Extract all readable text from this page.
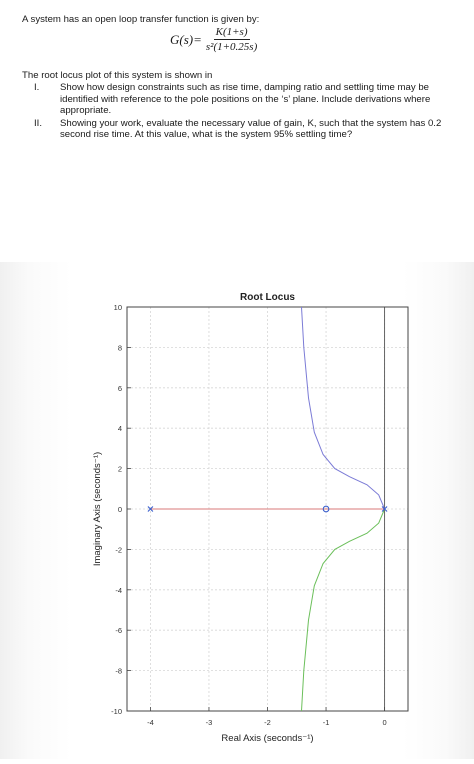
A system has an open loop transfer function is given by:

$G(s)= \frac{K(1+s)}{\text{s²(1+0.25s)}}$
The root locus plot of this system is shown in
I.	Show how design constraints such as rise time, damping ratio and settling time may be identified with reference to the pole positions on the ‘s’ plane. Include derivations where appropriate.
II.	Showing your work, evaluate the necessary value of gain, K, such that the system has 0.2 second rise time. At this value, what is the system 95% settling time?
-4	-3	-2	-1	0
10
8
6
4
2
0
-2
-4
-6
-8
-10
Root Locus
Real Axis (seconds⁻¹)
Imaginary Axis (seconds⁻¹)
